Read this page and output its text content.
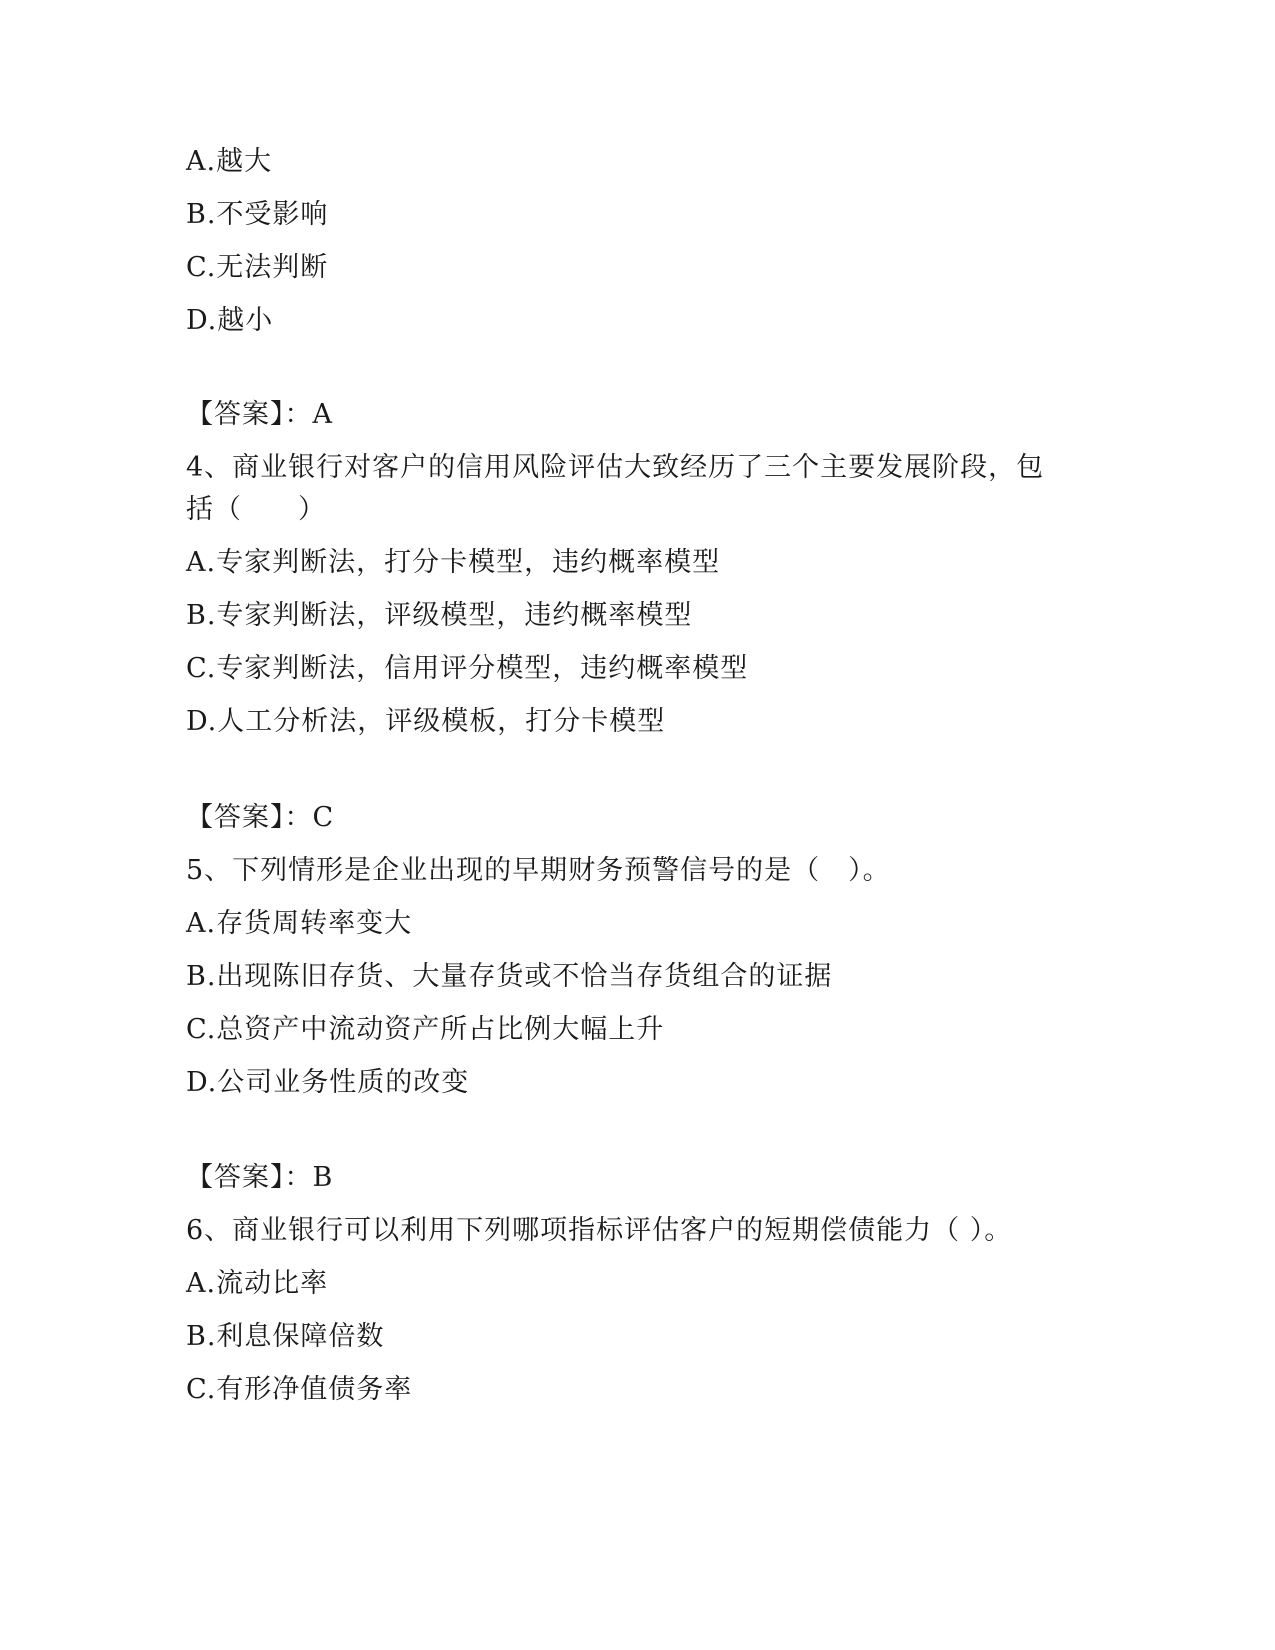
A.越大
B.不受影响
C.无法判断
D.越小
【答案】：A
4、商业银行对客户的信用风险评估大致经历了三个主要发展阶段，包
括（　　）
A.专家判断法，打分卡模型，违约概率模型
B.专家判断法，评级模型，违约概率模型
C.专家判断法，信用评分模型，违约概率模型
D.人工分析法，评级模板，打分卡模型
【答案】：C
5、下列情形是企业出现的早期财务预警信号的是（　）。
A.存货周转率变大
B.出现陈旧存货、大量存货或不恰当存货组合的证据
C.总资产中流动资产所占比例大幅上升
D.公司业务性质的改变
【答案】：B
6、商业银行可以利用下列哪项指标评估客户的短期偿债能力（ ）。
A.流动比率
B.利息保障倍数
C.有形净值债务率
